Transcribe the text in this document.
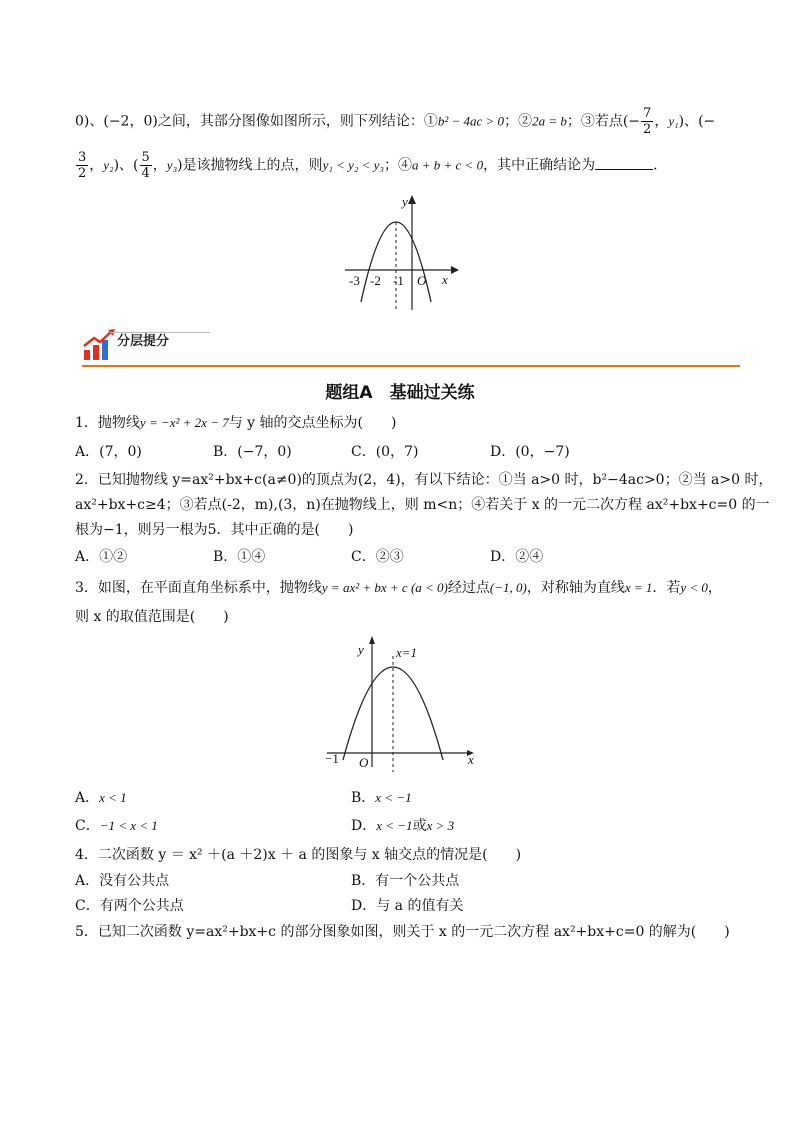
0)、(−2，0)之间，其部分图像如图所示，则下列结论：①b² − 4ac > 0；②2a = b；③若点(− $\frac{7}{2}$ ，y₁)、(−
$\frac{3}{2}$ ，y₂)、( $\frac{5}{4}$ ，y₃)是该抛物线上的点，则y₁ < y₂ < y₃；④a + b + c < 0，其中正确结论为	．
y
x
-3 -2 -1 O
分层提分
题组A　基础过关练
1．抛物线y = −x² + 2x − 7与 y 轴的交点坐标为(　　)
A．(7，0)	B．(−7，0)	C．(0，7)	D．(0，−7)
2．已知抛物线 y=ax²+bx+c(a≠0)的顶点为(2，4)，有以下结论：①当 a>0 时，b²−4ac>0；②当 a>0 时，
ax²+bx+c≥4；③若点(-2，m),(3，n)在抛物线上，则 m<n；④若关于 x 的一元二次方程 ax²+bx+c=0 的一
根为−1，则另一根为5．其中正确的是(　　)
A．①②	B．①④	C．②③	D．②④
3．如图，在平面直角坐标系中，抛物线y = ax² + bx + c (a < 0)经过点(−1, 0)，对称轴为直线x = 1．若y < 0，
则 x 的取值范围是(　　)
y
x
x=1
−1 O
A．x < 1	B．x < −1
C．−1 < x < 1	D．x < −1或x > 3
4．二次函数 y ＝ x² ＋(a ＋2)x ＋ a 的图象与 x 轴交点的情况是(　　)
A．没有公共点	B．有一个公共点
C．有两个公共点	D．与 a 的值有关
5．已知二次函数 y=ax²+bx+c 的部分图象如图，则关于 x 的一元二次方程 ax²+bx+c=0 的解为(　　)
